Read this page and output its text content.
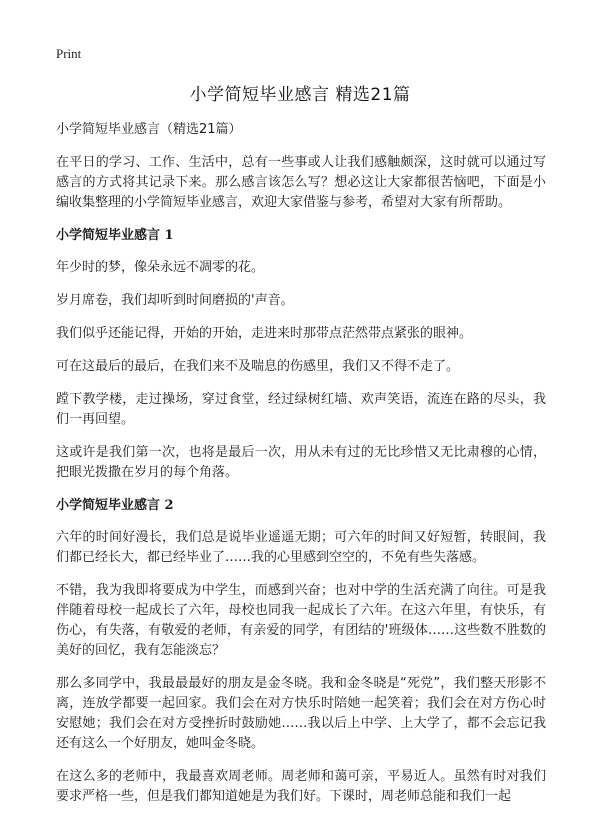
Print
小学简短毕业感言 精选21篇

小学简短毕业感言（精选21篇）

在平日的学习、工作、生活中，总有一些事或人让我们感触颇深，这时就可以通过写感言的方式将其记录下来。那么感言该怎么写？想必这让大家都很苦恼吧，下面是小编收集整理的小学简短毕业感言，欢迎大家借鉴与参考，希望对大家有所帮助。

小学简短毕业感言 1

年少时的梦，像朵永远不凋零的花。

岁月席卷，我们却听到时间磨损的'声音。

我们似乎还能记得，开始的开始，走进来时那带点茫然带点紧张的眼神。

可在这最后的最后，在我们来不及喘息的伤感里，我们又不得不走了。

蹚下教学楼，走过操场，穿过食堂，经过绿树红墙、欢声笑语，流连在路的尽头，我们一再回望。

这或许是我们第一次，也将是最后一次，用从未有过的无比珍惜又无比肃穆的心情，把眼光拨撒在岁月的每个角落。

小学简短毕业感言 2

六年的时间好漫长，我们总是说毕业遥遥无期；可六年的时间又好短暂，转眼间，我们都已经长大，都已经毕业了……我的心里感到空空的，不免有些失落感。

不错，我为我即将要成为中学生，而感到兴奋；也对中学的生活充满了向往。可是我伴随着母校一起成长了六年，母校也同我一起成长了六年。在这六年里，有快乐，有伤心，有失落，有敬爱的老师，有亲爱的同学，有团结的'班级体……这些数不胜数的美好的回忆，我有怎能淡忘？

那么多同学中，我最最最好的朋友是金冬晓。我和金冬晓是“死党”，我们整天形影不离，连放学都要一起回家。我们会在对方快乐时陪她一起笑着；我们会在对方伤心时安慰她；我们会在对方受挫折时鼓励她……我以后上中学、上大学了，都不会忘记我还有这么一个好朋友，她叫金冬晓。

在这么多的老师中，我最喜欢周老师。周老师和蔼可亲，平易近人。虽然有时对我们要求严格一些，但是我们都知道她是为我们好。下课时，周老师总能和我们一起
